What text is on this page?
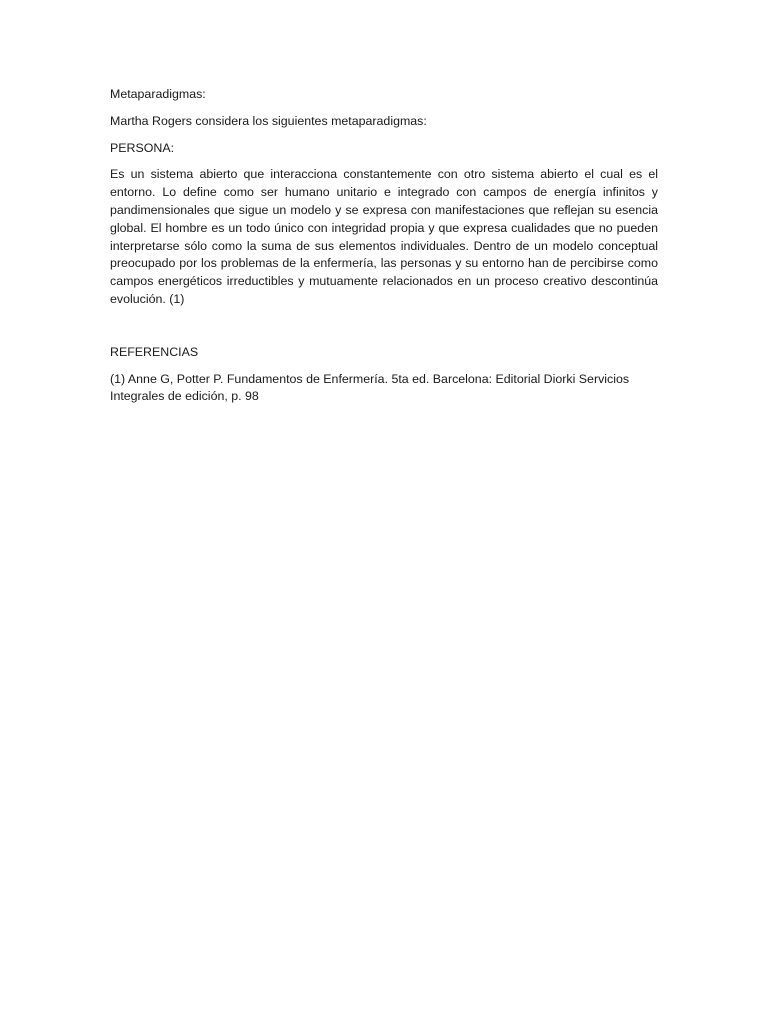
Metaparadigmas:

Martha Rogers considera los siguientes metaparadigmas:

PERSONA:

Es un sistema abierto que interacciona constantemente con otro sistema abierto el cual es el entorno. Lo define como ser humano unitario e integrado con campos de energía infinitos y pandimensionales que sigue un modelo y se expresa con manifestaciones que reflejan su esencia global. El hombre es un todo único con integridad propia y que expresa cualidades que no pueden interpretarse sólo como la suma de sus elementos individuales. Dentro de un modelo conceptual preocupado por los problemas de la enfermería, las personas y su entorno han de percibirse como campos energéticos irreductibles y mutuamente relacionados en un proceso creativo descontinúa evolución. (1)

REFERENCIAS

(1) Anne G, Potter P. Fundamentos de Enfermería. 5ta ed. Barcelona: Editorial Diorki Servicios Integrales de edición, p. 98
